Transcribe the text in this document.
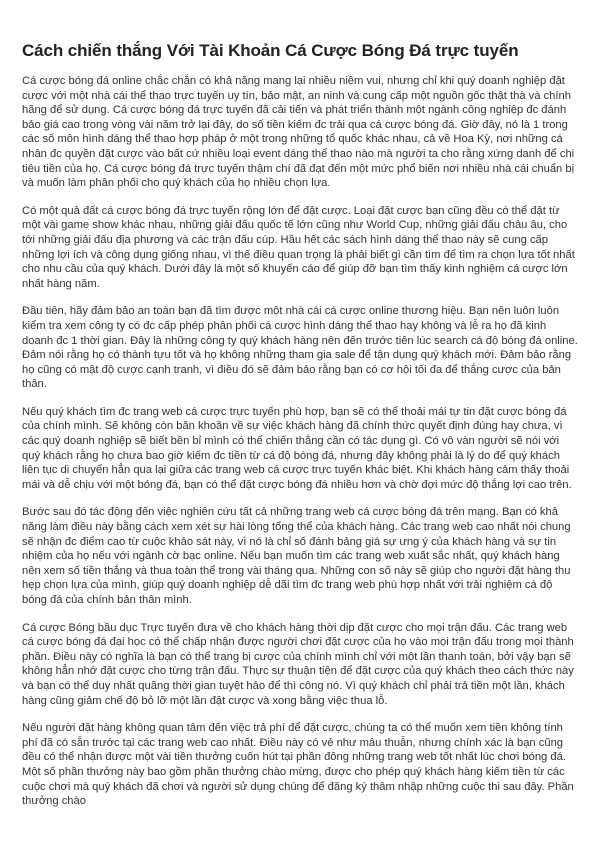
Cách chiến thắng Với Tài Khoản Cá Cược Bóng Đá trực tuyến

Cá cược bóng đá online chắc chắn có khả năng mang lại nhiều niềm vui, nhưng chỉ khi quý doanh nghiệp đặt cược với một nhà cái thể thao trực tuyến uy tín, bảo mật, an ninh và cung cấp một nguồn gốc thật thà và chính hãng để sử dụng. Cá cược bóng đá trực tuyến đã cải tiến và phát triển thành một ngành công nghiệp đc đánh bảo giá cao trong vòng vài năm trở lại đây, do số tiền kiếm đc trải qua cá cược bóng đá. Giờ đây, nó là 1 trong các số môn hình dáng thể thao hợp pháp ở một trong những tổ quốc khác nhau, cả về Hoa Kỳ, nơi những cá nhân đc quyền đặt cược vào bất cứ nhiều loại event dáng thể thao nào mà người ta cho rằng xứng danh để chi tiêu tiền của họ. Cá cược bóng đá trực tuyến thậm chí đã đạt đến một mức phổ biến nơi nhiều nhà cái chuẩn bị và muốn làm phân phối cho quý khách của họ nhiều chọn lựa.

Có một quả đất cá cược bóng đá trực tuyến rộng lớn để đặt cược. Loại đặt cược bạn cũng đều có thể đặt từ một vài game show khác nhau, những giải đấu quốc tế lớn cũng như World Cup, những giải đấu châu âu, cho tới những giải đấu địa phương và các trận đấu cúp. Hầu hết các sách hình dáng thể thao này sẽ cung cấp những lợi ích và công dụng giống nhau, vì thế điều quan trọng là phải biết gì cần tìm để tìm ra chọn lựa tốt nhất cho nhu cầu của quý khách. Dưới đây là một số khuyến cáo để giúp đỡ bạn tìm thấy kinh nghiệm cá cược lớn nhất hàng năm.

Đầu tiên, hãy đảm bảo an toàn bạn đã tìm được một nhà cái cá cược online thương hiệu. Bạn nên luôn luôn kiểm tra xem công ty có đc cấp phép phân phối cá cược hình dáng thể thao hay không và lễ ra họ đã kinh doanh đc 1 thời gian. Đây là những công ty quý khách hàng nên đến trước tiên lúc search cá độ bóng đá online. Đảm nói rằng họ có thành tựu tốt và họ không những tham gia sale để tận dụng quý khách mới. Đảm bảo rằng họ cũng có mật độ cược cạnh tranh, vì điều đó sẽ đảm bảo rằng bạn có cơ hội tối đa để thắng cược của bản thân.

Nếu quý khách tìm đc trang web cá cược trực tuyến phù hợp, bạn sẽ có thể thoải mái tự tin đặt cược bóng đá của chính mình. Sẽ không còn băn khoăn về sự việc khách hàng đã chính thức quyết định đúng hay chưa, vì các quý doanh nghiệp sẽ biết bền bỉ mình có thể chiến thắng cần có tác dụng gì. Có vô vàn người sẽ nói với quý khách rằng họ chưa bao giờ kiếm đc tiền từ cá độ bóng đá, nhưng đây không phải là lý do để quý khách liên tục di chuyển hẳn qua lại giữa các trang web cá cược trực tuyến khác biệt. Khi khách hàng cảm thấy thoải mái và dễ chịu với một bóng đá, bạn có thể đặt cược bóng đá nhiều hơn và chờ đợi mức độ thắng lợi cao trên.

Bước sau đó tác động đến việc nghiên cứu tất cả những trang web cá cược bóng đá trên mạng. Bạn có khả năng làm điều này bằng cách xem xét sự hài lòng tổng thể của khách hàng. Các trang web cao nhất nói chung sẽ nhận đc điểm cao từ cuộc khảo sát này, vì nó là chỉ số đánh bảng giá sự ưng ý của khách hàng và sự tin nhiệm của họ nếu với ngành cờ bạc online. Nếu bạn muốn tìm các trang web xuất sắc nhất, quý khách hàng nên xem số tiền thắng và thua toàn thể trong vài tháng qua. Những con số này sẽ giúp cho người đặt hàng thu hẹp chọn lựa của mình, giúp quý doanh nghiệp dễ dãi tìm đc trang web phù hợp nhất với trải nghiệm cá độ bóng đá của chính bản thân mình.

Cá cược Bóng bầu dục Trực tuyến đưa về cho khách hàng thời dịp đặt cược cho mọi trận đấu. Các trang web cá cược bóng đá đại học có thể chấp nhận được người chơi đặt cược của họ vào mọi trận đấu trong mọi thành phần. Điều này có nghĩa là bạn có thể trang bị cược của chính mình chỉ với một lần thanh toán, bởi vậy bạn sẽ không hẳn nhớ đặt cược cho từng trận đấu. Thực sự thuận tiện để đặt cược của quý khách theo cách thức này và bạn có thể duy nhất quãng thời gian tuyệt hảo để thì công nó. Vì quý khách chỉ phải trả tiền một lần, khách hàng cũng giảm chế độ bỏ lỡ một lần đặt cược và xong bằng việc thua lỗ.

Nếu người đặt hàng không quan tâm đến việc trả phí để đặt cược, chúng ta có thể muốn xem tiền không tính phí đã có sẵn trước tại các trang web cao nhất. Điều này có vẻ như mâu thuẫn, nhưng chính xác là bạn cũng đều có thể nhận được một vài tiền thưởng cuốn hút tại phần đông những trang web tốt nhất lúc chơi bóng đá. Một số phần thưởng này bao gồm phần thưởng chào mừng, được cho phép quý khách hàng kiếm tiền từ các cuộc chơi mà quý khách đã chơi và người sử dụng chúng để đăng ký thâm nhập những cuộc thi sau đây. Phần thưởng chào
